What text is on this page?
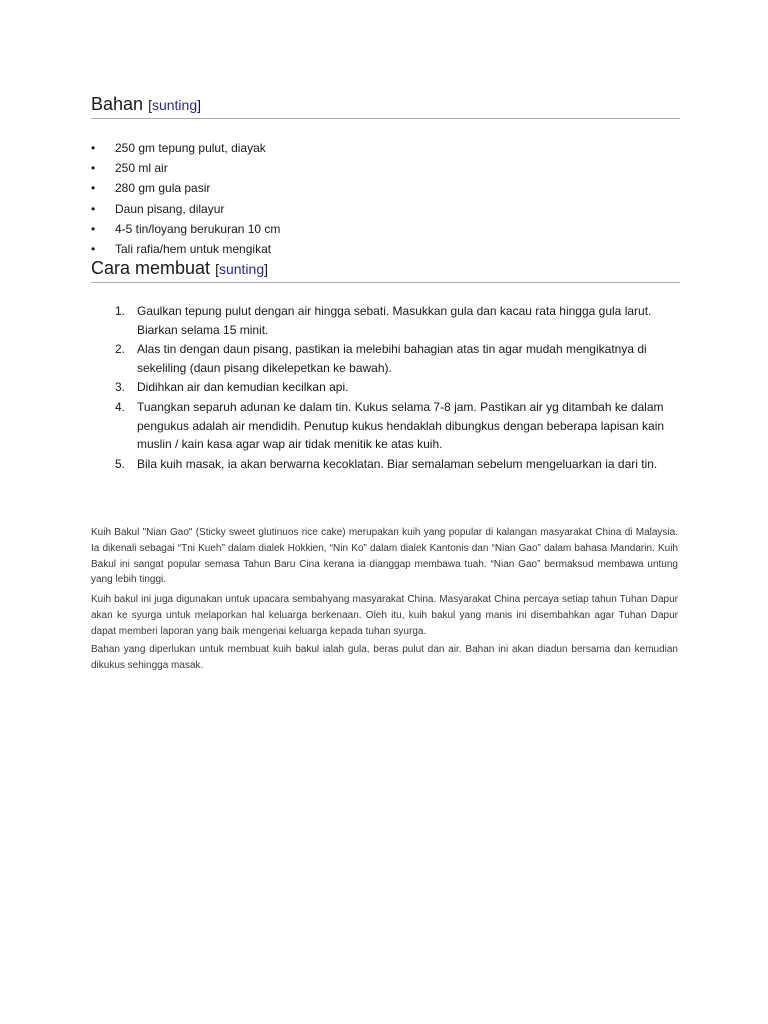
Bahan [sunting]
• 250 gm tepung pulut, diayak
• 250 ml air
• 280 gm gula pasir
• Daun pisang, dilayur
• 4-5 tin/loyang berukuran 10 cm
• Tali rafia/hem untuk mengikat
Cara membuat [sunting]
1. Gaulkan tepung pulut dengan air hingga sebati. Masukkan gula dan kacau rata hingga gula larut. Biarkan selama 15 minit.
2. Alas tin dengan daun pisang, pastikan ia melebihi bahagian atas tin agar mudah mengikatnya di sekeliling (daun pisang dikelepetkan ke bawah).
3. Didihkan air dan kemudian kecilkan api.
4. Tuangkan separuh adunan ke dalam tin. Kukus selama 7-8 jam. Pastikan air yg ditambah ke dalam pengukus adalah air mendidih. Penutup kukus hendaklah dibungkus dengan beberapa lapisan kain muslin / kain kasa agar wap air tidak menitik ke atas kuih.
5. Bila kuih masak, ia akan berwarna kecoklatan. Biar semalaman sebelum mengeluarkan ia dari tin.

Kuih Bakul "Nian Gao" (Sticky sweet glutinuos rice cake) merupakan kuih yang popular di kalangan masyarakat China di Malaysia. Ia dikenali sebagai “Tni Kueh” dalam dialek Hokkien, “Nin Ko” dalam dialek Kantonis dan “Nian Gao” dalam bahasa Mandarin. Kuih Bakul ini sangat popular semasa Tahun Baru Cina kerana ia dianggap membawa tuah. “Nian Gao” bermaksud membawa untung yang lebih tinggi.

Kuih bakul ini juga digunakan untuk upacara sembahyang masyarakat China. Masyarakat China percaya setiap tahun Tuhan Dapur akan ke syurga untuk melaporkan hal keluarga berkenaan. Oleh itu, kuih bakul yang manis ini disembahkan agar Tuhan Dapur dapat memberi laporan yang baik mengenai keluarga kepada tuhan syurga.

Bahan yang diperlukan untuk membuat kuih bakul ialah gula, beras pulut dan air. Bahan ini akan diadun bersama dan kemudian dikukus sehingga masak.
